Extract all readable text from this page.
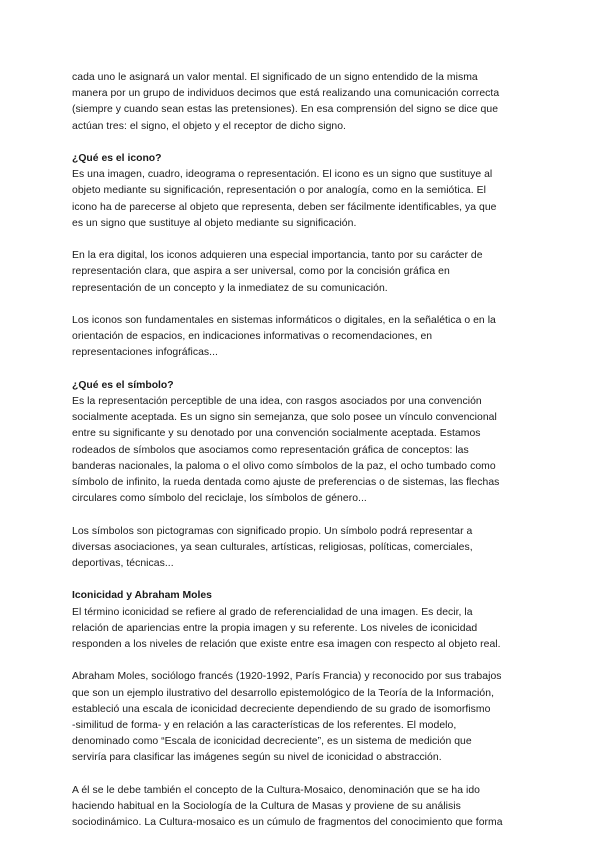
cada uno le asignará un valor mental. El significado de un signo entendido de la misma
manera por un grupo de individuos decimos que está realizando una comunicación correcta
(siempre y cuando sean estas las pretensiones). En esa comprensión del signo se dice que
actúan tres: el signo, el objeto y el receptor de dicho signo.

¿Qué es el icono?

Es una imagen, cuadro, ideograma o representación. El icono es un signo que sustituye al
objeto mediante su significación, representación o por analogía, como en la semiótica. El
icono ha de parecerse al objeto que representa, deben ser fácilmente identificables, ya que
es un signo que sustituye al objeto mediante su significación.

En la era digital, los iconos adquieren una especial importancia, tanto por su carácter de
representación clara, que aspira a ser universal, como por la concisión gráfica en
representación de un concepto y la inmediatez de su comunicación.

Los iconos son fundamentales en sistemas informáticos o digitales, en la señalética o en la
orientación de espacios, en indicaciones informativas o recomendaciones, en
representaciones infográficas...

¿Qué es el símbolo?

Es la representación perceptible de una idea, con rasgos asociados por una convención
socialmente aceptada. Es un signo sin semejanza, que solo posee un vínculo convencional
entre su significante y su denotado por una convención socialmente aceptada. Estamos
rodeados de símbolos que asociamos como representación gráfica de conceptos: las
banderas nacionales, la paloma o el olivo como símbolos de la paz, el ocho tumbado como
símbolo de infinito, la rueda dentada como ajuste de preferencias o de sistemas, las flechas
circulares como símbolo del reciclaje, los símbolos de género...

Los símbolos son pictogramas con significado propio. Un símbolo podrá representar a
diversas asociaciones, ya sean culturales, artísticas, religiosas, políticas, comerciales,
deportivas, técnicas...

Iconicidad y Abraham Moles

El término iconicidad se refiere al grado de referencialidad de una imagen. Es decir, la
relación de apariencias entre la propia imagen y su referente. Los niveles de iconicidad
responden a los niveles de relación que existe entre esa imagen con respecto al objeto real.

Abraham Moles, sociólogo francés (1920-1992, París Francia) y reconocido por sus trabajos
que son un ejemplo ilustrativo del desarrollo epistemológico de la Teoría de la Información,
estableció una escala de iconicidad decreciente dependiendo de su grado de isomorfismo
-similitud de forma- y en relación a las características de los referentes. El modelo,
denominado como “Escala de iconicidad decreciente”, es un sistema de medición que
serviría para clasificar las imágenes según su nivel de iconicidad o abstracción.

A él se le debe también el concepto de la Cultura-Mosaico, denominación que se ha ido
haciendo habitual en la Sociología de la Cultura de Masas y proviene de su análisis
sociodinámico. La Cultura-mosaico es un cúmulo de fragmentos del conocimiento que forma
